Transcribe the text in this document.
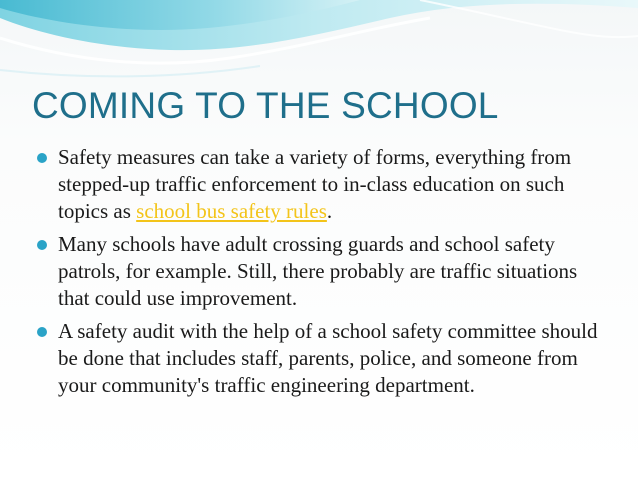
COMING TO THE SCHOOL
Safety measures can take a variety of forms, everything from stepped-up traffic enforcement to in-class education on such topics as school bus safety rules.
Many schools have adult crossing guards and school safety patrols, for example. Still, there probably are traffic situations that could use improvement.
A safety audit with the help of a school safety committee should be done that includes staff, parents, police, and someone from your community's traffic engineering department.
